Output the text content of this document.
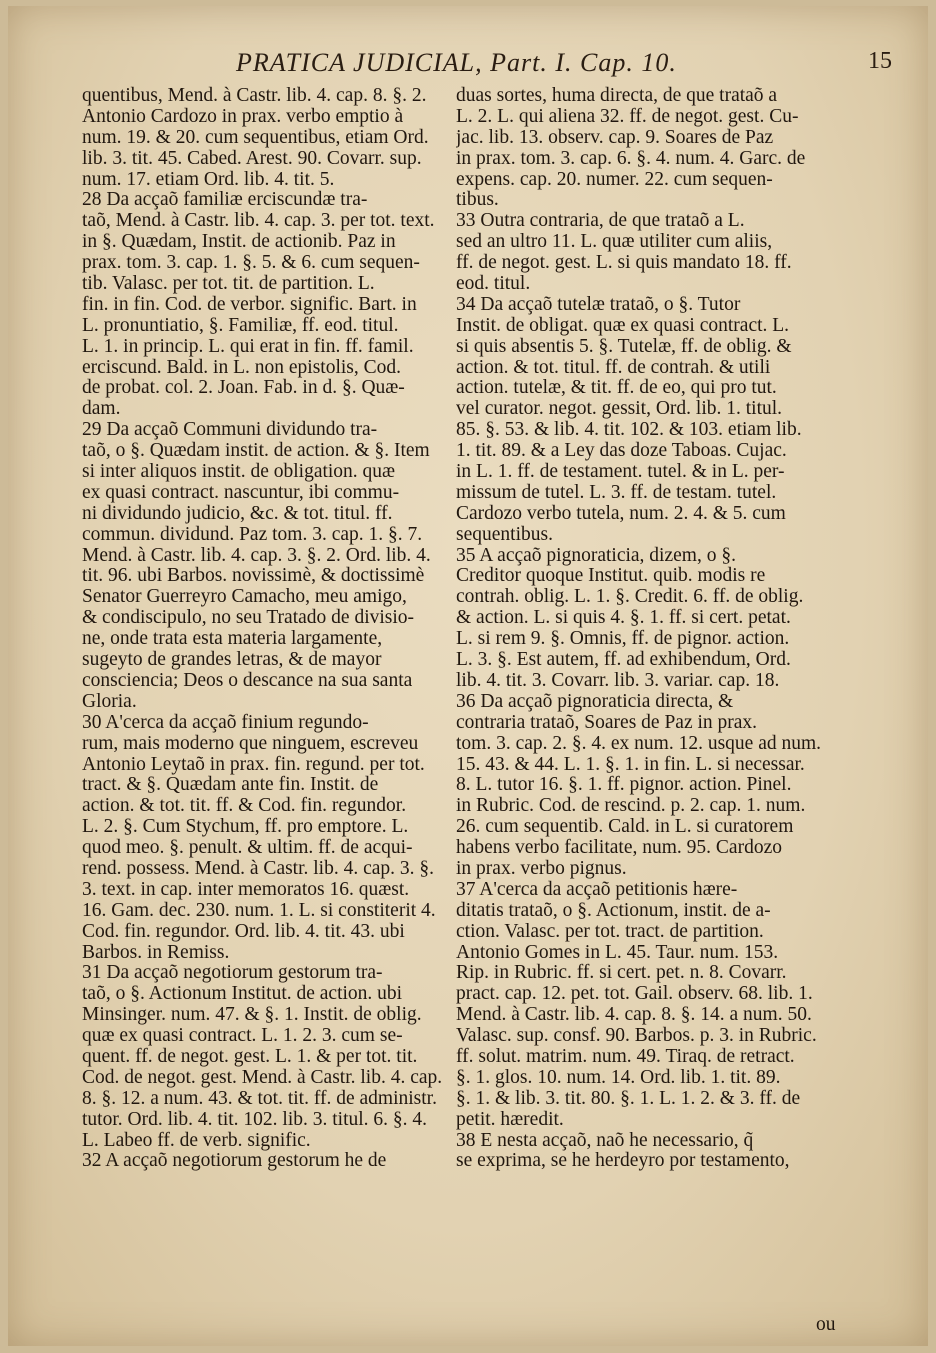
PRATICA JUDICIAL, Part. I. Cap. 10.	15
quentibus, Mend. à Castr. lib. 4. cap. 8. §. 2.
Antonio Cardozo in prax. verbo emptio à
num. 19. & 20. cum sequentibus, etiam Ord.
lib. 3. tit. 45. Cabed. Arest. 90. Covarr. sup.
num. 17. etiam Ord. lib. 4. tit. 5.
28 Da acçaõ familiæ erciscundæ tra-
taõ, Mend. à Castr. lib. 4. cap. 3. per tot. text.
in §. Quædam, Instit. de actionib. Paz in
prax. tom. 3. cap. 1. §. 5. & 6. cum sequen-
tib. Valasc. per tot. tit. de partition. L.
fin. in fin. Cod. de verbor. signific. Bart. in
L. pronuntiatio, §. Familiæ, ff. eod. titul.
L. 1. in princip. L. qui erat in fin. ff. famil.
erciscund. Bald. in L. non epistolis, Cod.
de probat. col. 2. Joan. Fab. in d. §. Quæ-
dam.
29 Da acçaõ Communi dividundo tra-
taõ, o §. Quædam instit. de action. & §. Item
si inter aliquos instit. de obligation. quæ
ex quasi contract. nascuntur, ibi commu-
ni dividundo judicio, &c. & tot. titul. ff.
commun. dividund. Paz tom. 3. cap. 1. §. 7.
Mend. à Castr. lib. 4. cap. 3. §. 2. Ord. lib. 4.
tit. 96. ubi Barbos. novissimè, & doctissimè
Senator Guerreyro Camacho, meu amigo,
& condiscipulo, no seu Tratado de divisio-
ne, onde trata esta materia largamente,
sugeyto de grandes letras, & de mayor
consciencia; Deos o descance na sua santa
Gloria.
30 A'cerca da acçaõ finium regundo-
rum, mais moderno que ninguem, escreveu
Antonio Leytaõ in prax. fin. regund. per tot.
tract. & §. Quædam ante fin. Instit. de
action. & tot. tit. ff. & Cod. fin. regundor.
L. 2. §. Cum Stychum, ff. pro emptore. L.
quod meo. §. penult. & ultim. ff. de acqui-
rend. possess. Mend. à Castr. lib. 4. cap. 3. §.
3. text. in cap. inter memoratos 16. quæst.
16. Gam. dec. 230. num. 1. L. si constiterit 4.
Cod. fin. regundor. Ord. lib. 4. tit. 43. ubi
Barbos. in Remiss.
31 Da acçaõ negotiorum gestorum tra-
taõ, o §. Actionum Institut. de action. ubi
Minsinger. num. 47. & §. 1. Instit. de oblig.
quæ ex quasi contract. L. 1. 2. 3. cum se-
quent. ff. de negot. gest. L. 1. & per tot. tit.
Cod. de negot. gest. Mend. à Castr. lib. 4. cap.
8. §. 12. a num. 43. & tot. tit. ff. de administr.
tutor. Ord. lib. 4. tit. 102. lib. 3. titul. 6. §. 4.
L. Labeo ff. de verb. signific.
32 A acçaõ negotiorum gestorum he de
duas sortes, huma directa, de que trataõ a
L. 2. L. qui aliena 32. ff. de negot. gest. Cu-
jac. lib. 13. observ. cap. 9. Soares de Paz
in prax. tom. 3. cap. 6. §. 4. num. 4. Garc. de
expens. cap. 20. numer. 22. cum sequen-
tibus.
33 Outra contraria, de que trataõ a L.
sed an ultro 11. L. quæ utiliter cum aliis,
ff. de negot. gest. L. si quis mandato 18. ff.
eod. titul.
34 Da acçaõ tutelæ trataõ, o §. Tutor
Instit. de obligat. quæ ex quasi contract. L.
si quis absentis 5. §. Tutelæ, ff. de oblig. &
action. & tot. titul. ff. de contrah. & utili
action. tutelæ, & tit. ff. de eo, qui pro tut.
vel curator. negot. gessit, Ord. lib. 1. titul.
85. §. 53. & lib. 4. tit. 102. & 103. etiam lib.
1. tit. 89. & a Ley das doze Taboas. Cujac.
in L. 1. ff. de testament. tutel. & in L. per-
missum de tutel. L. 3. ff. de testam. tutel.
Cardozo verbo tutela, num. 2. 4. & 5. cum
sequentibus.
35 A acçaõ pignoraticia, dizem, o §.
Creditor quoque Institut. quib. modis re
contrah. oblig. L. 1. §. Credit. 6. ff. de oblig.
& action. L. si quis 4. §. 1. ff. si cert. petat.
L. si rem 9. §. Omnis, ff. de pignor. action.
L. 3. §. Est autem, ff. ad exhibendum, Ord.
lib. 4. tit. 3. Covarr. lib. 3. variar. cap. 18.
36 Da acçaõ pignoraticia directa, &
contraria trataõ, Soares de Paz in prax.
tom. 3. cap. 2. §. 4. ex num. 12. usque ad num.
15. 43. & 44. L. 1. §. 1. in fin. L. si necessar.
8. L. tutor 16. §. 1. ff. pignor. action. Pinel.
in Rubric. Cod. de rescind. p. 2. cap. 1. num.
26. cum sequentib. Cald. in L. si curatorem
habens verbo facilitate, num. 95. Cardozo
in prax. verbo pignus.
37 A'cerca da acçaõ petitionis hære-
ditatis trataõ, o §. Actionum, instit. de a-
ction. Valasc. per tot. tract. de partition.
Antonio Gomes in L. 45. Taur. num. 153.
Rip. in Rubric. ff. si cert. pet. n. 8. Covarr.
pract. cap. 12. pet. tot. Gail. observ. 68. lib. 1.
Mend. à Castr. lib. 4. cap. 8. §. 14. a num. 50.
Valasc. sup. consf. 90. Barbos. p. 3. in Rubric.
ff. solut. matrim. num. 49. Tiraq. de retract.
§. 1. glos. 10. num. 14. Ord. lib. 1. tit. 89.
§. 1. & lib. 3. tit. 80. §. 1. L. 1. 2. & 3. ff. de
petit. hæredit.
38 E nesta acçaõ, naõ he necessario, q̃
se exprima, se he herdeyro por testamento,
ou
